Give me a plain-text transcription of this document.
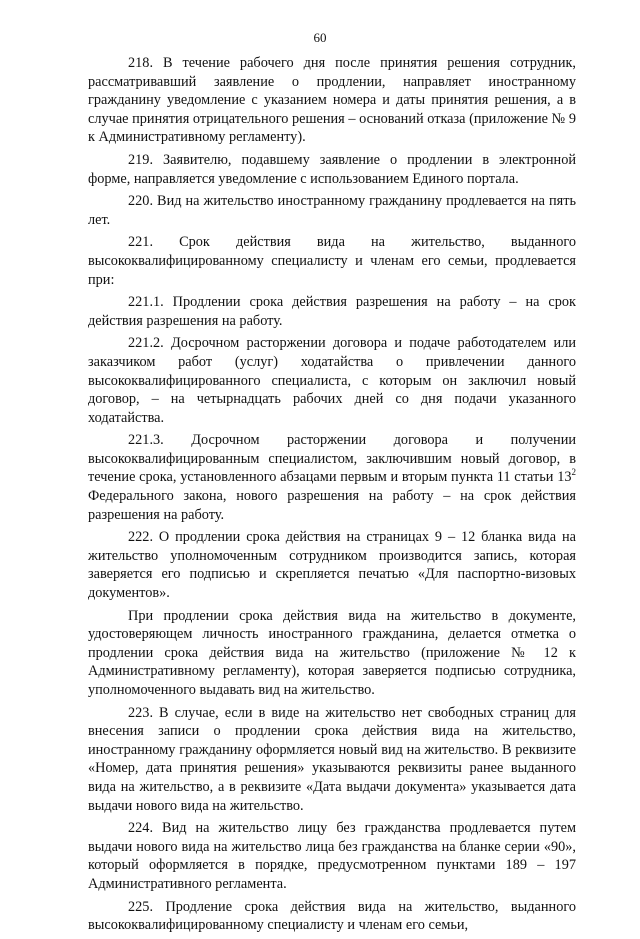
60

218. В течение рабочего дня после принятия решения сотрудник, рассматривавший заявление о продлении, направляет иностранному гражданину уведомление с указанием номера и даты принятия решения, а в случае принятия отрицательного решения – оснований отказа (приложение № 9 к Административному регламенту).

219. Заявителю, подавшему заявление о продлении в электронной форме, направляется уведомление с использованием Единого портала.

220. Вид на жительство иностранному гражданину продлевается на пять лет.

221. Срок действия вида на жительство, выданного высококвалифицированному специалисту и членам его семьи, продлевается при:

221.1. Продлении срока действия разрешения на работу – на срок действия разрешения на работу.

221.2. Досрочном расторжении договора и подаче работодателем или заказчиком работ (услуг) ходатайства о привлечении данного высококвалифицированного специалиста, с которым он заключил новый договор, – на четырнадцать рабочих дней со дня подачи указанного ходатайства.

221.3. Досрочном расторжении договора и получении высококвалифицированным специалистом, заключившим новый договор, в течение срока, установленного абзацами первым и вторым пункта 11 статьи $13^2$ Федерального закона, нового разрешения на работу – на срок действия разрешения на работу.

222. О продлении срока действия на страницах 9 – 12 бланка вида на жительство уполномоченным сотрудником производится запись, которая заверяется его подписью и скрепляется печатью «Для паспортно-визовых документов».

При продлении срока действия вида на жительство в документе, удостоверяющем личность иностранного гражданина, делается отметка о продлении срока действия вида на жительство (приложение № 12 к Административному регламенту), которая заверяется подписью сотрудника, уполномоченного выдавать вид на жительство.

223. В случае, если в виде на жительство нет свободных страниц для внесения записи о продлении срока действия вида на жительство, иностранному гражданину оформляется новый вид на жительство. В реквизите «Номер, дата принятия решения» указываются реквизиты ранее выданного вида на жительство, а в реквизите «Дата выдачи документа» указывается дата выдачи нового вида на жительство.

224. Вид на жительство лицу без гражданства продлевается путем выдачи нового вида на жительство лица без гражданства на бланке серии «90», который оформляется в порядке, предусмотренном пунктами 189 – 197 Административного регламента.

225. Продление срока действия вида на жительство, выданного высококвалифицированному специалисту и членам его семьи,
